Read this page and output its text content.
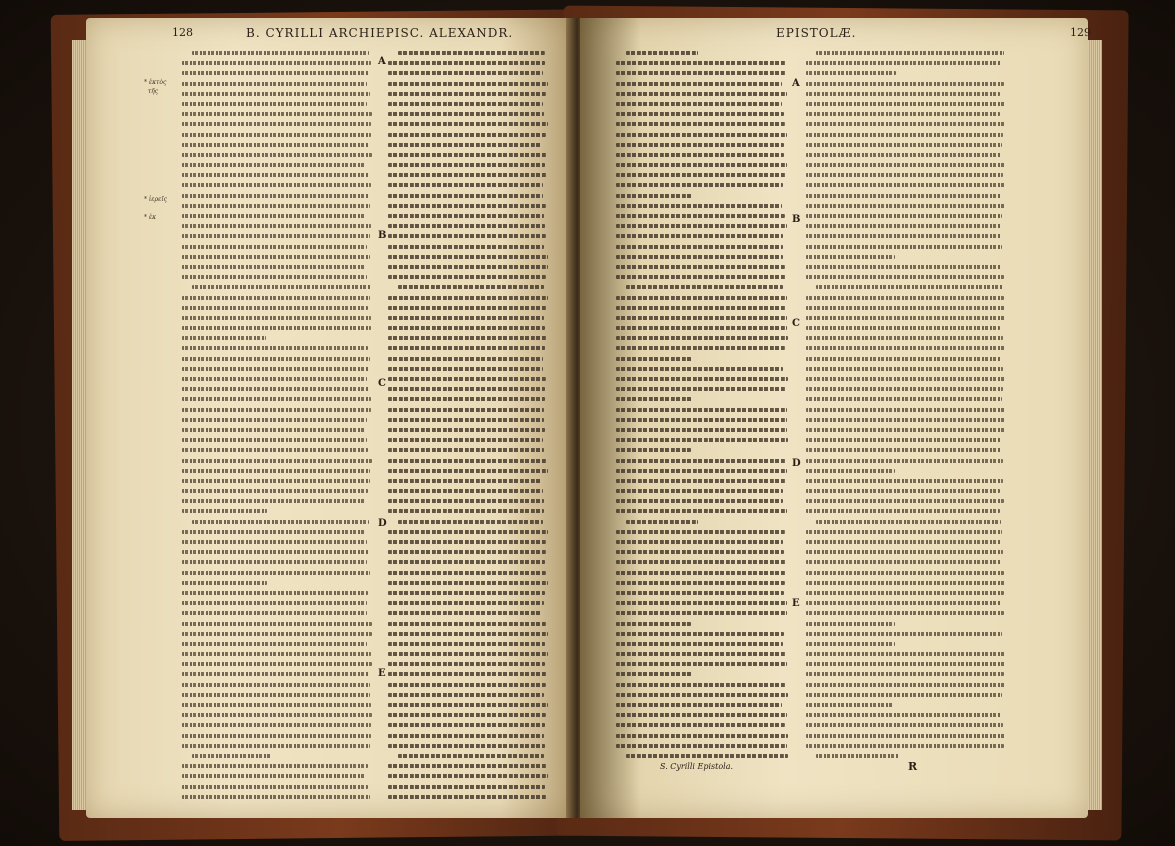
128	B. CYRILLI ARCHIEPISC. ALEXANDR.
* ἐκτὸς
τῆς

* ἱερεῖς

* ἐκ
A
B
C
D
E
EPISTOLÆ.	129
A
B
C
D
E
S. Cyrilli Epistola.	R
